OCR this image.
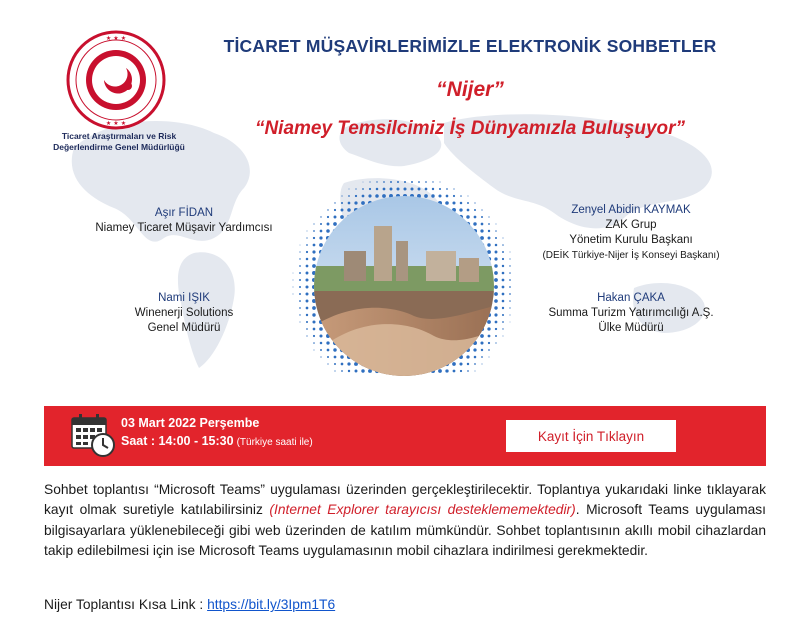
★ ★ ★
★ ★ ★
Ticaret Araştırmaları ve Risk
Değerlendirme Genel Müdürlüğü
TİCARET MÜŞAVİRLERİMİZLE ELEKTRONİK SOHBETLER
“Nijer”
“Niamey Temsilcimiz İş Dünyamızla Buluşuyor”
Aşır FİDAN
Niamey Ticaret Müşavir Yardımcısı
Nami IŞIK
Winenerji Solutions
Genel Müdürü
Zenyel Abidin KAYMAK
ZAK Grup
Yönetim Kurulu Başkanı
(DEİK Türkiye-Nijer İş Konseyi Başkanı)
Hakan ÇAKA
Summa Turizm Yatırımcılığı A.Ş.
Ülke Müdürü
03 Mart 2022 Perşembe
Saat : 14:00 - 15:30 (Türkiye saati ile)	Kayıt İçin Tıklayın
Sohbet toplantısı “Microsoft Teams” uygulaması üzerinden gerçekleştirilecektir. Toplantıya yukarıdaki linke tıklayarak kayıt olmak suretiyle katılabilirsiniz (Internet Explorer tarayıcısı desteklememektedir). Microsoft Teams uygulaması bilgisayarlara yüklenebileceği gibi web üzerinden de katılım mümkündür. Sohbet toplantısının akıllı mobil cihazlardan takip edilebilmesi için ise Microsoft Teams uygulamasının mobil cihazlara indirilmesi gerekmektedir.
Nijer Toplantısı Kısa Link : https://bit.ly/3Ipm1T6
